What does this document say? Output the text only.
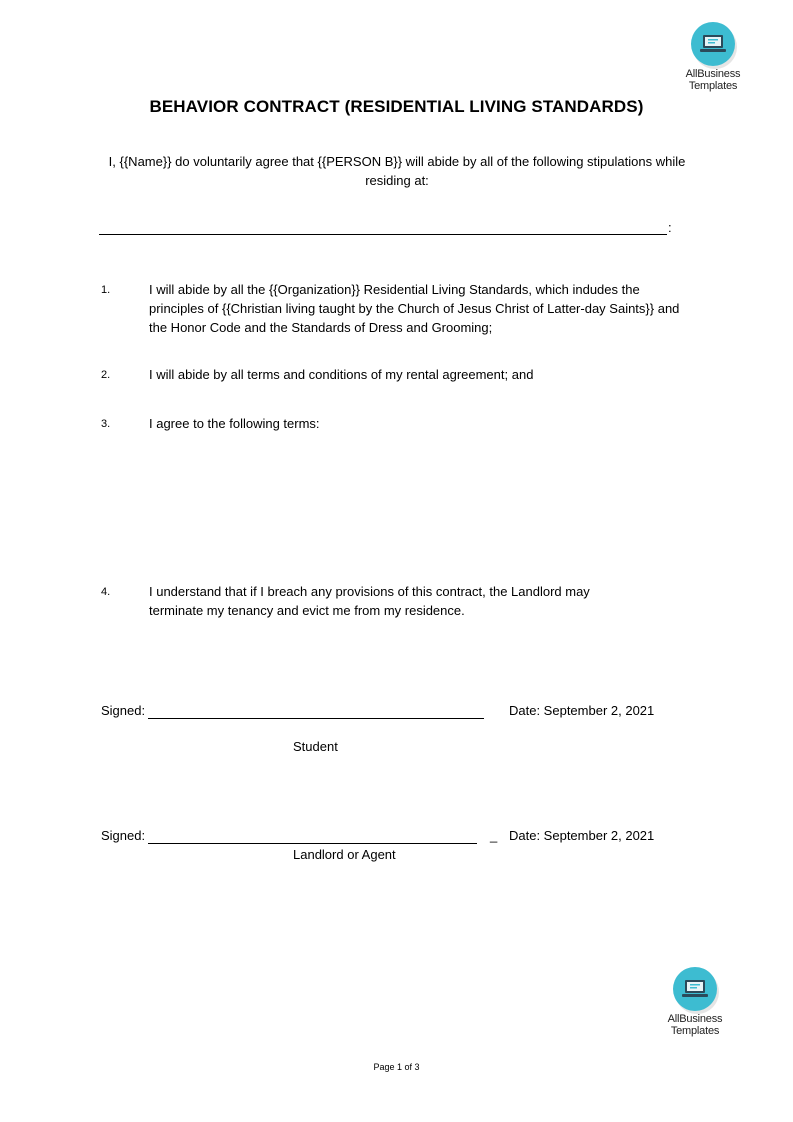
AllBusiness
Templates
BEHAVIOR CONTRACT (RESIDENTIAL LIVING STANDARDS)
I, {{Name}} do voluntarily agree that {{PERSON B}} will abide by all of the following stipulations while residing at:
:
1.	I will abide by all the {{Organization}} Residential Living Standards, which indudes the principles of {{Christian living taught by the Church of Jesus Christ of Latter-day Saints}} and the Honor Code and the Standards of Dress and Grooming;
2.	I will abide by all terms and conditions of my rental agreement; and
3.	I agree to the following terms:
4.	I understand that if I breach any provisions of this contract, the Landlord may terminate my tenancy and evict me from my residence.
Signed:	Date: September 2, 2021
Student
Signed:	_ Date: September 2, 2021
Landlord or Agent
AllBusiness
Templates
Page 1 of 3
